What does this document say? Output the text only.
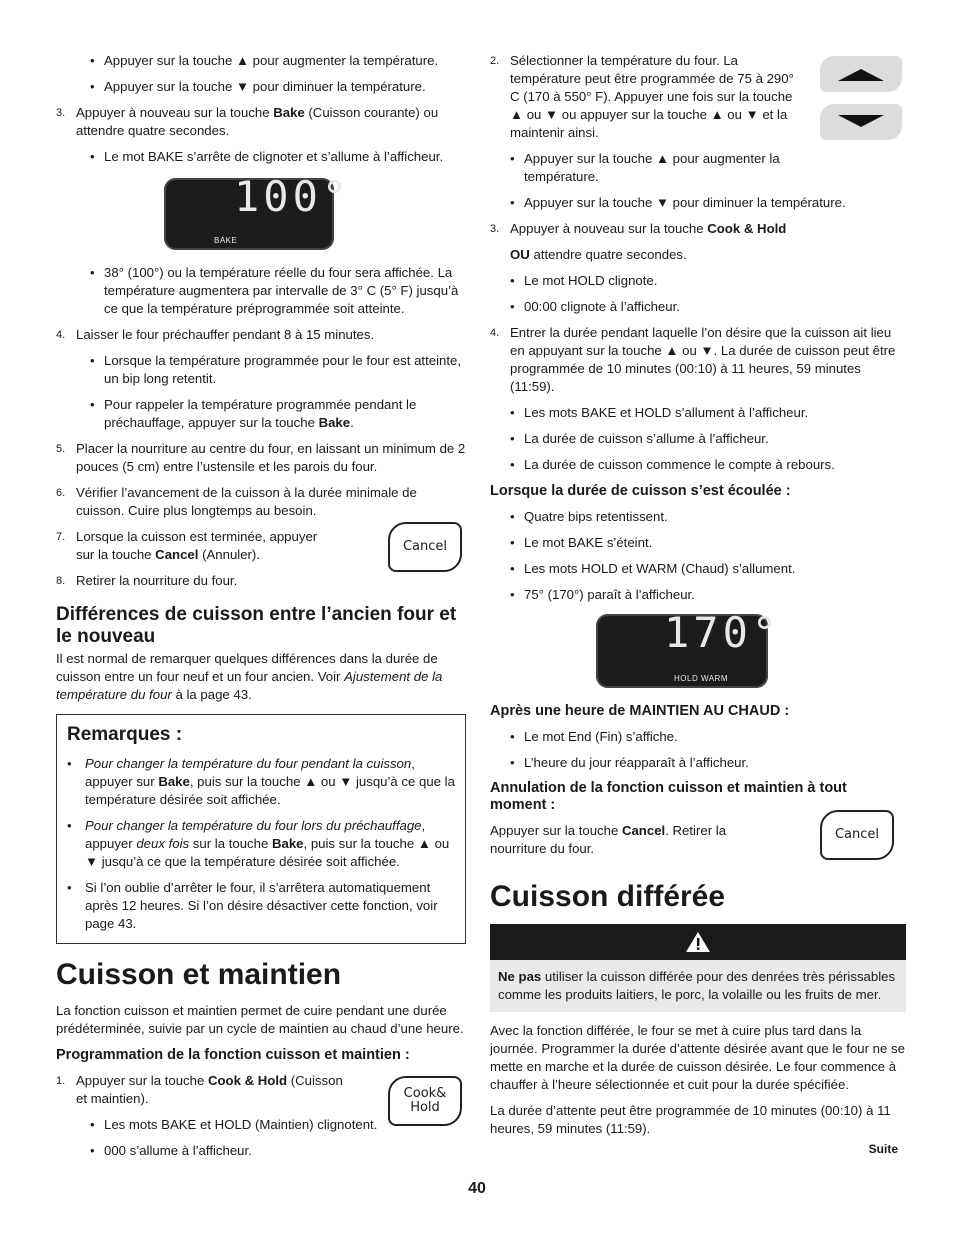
• Appuyer sur la touche ▲ pour augmenter la température.
• Appuyer sur la touche ▼ pour diminuer la température.
3. Appuyer à nouveau sur la touche Bake (Cuisson courante) ou attendre quatre secondes.
• Le mot BAKE s’arrête de clignoter et s’allume à l’afficheur.
100°
BAKE
• 38° (100°) ou la température réelle du four sera affichée. La température augmentera par intervalle de 3° C (5° F) jusqu’à ce que la température préprogrammée soit atteinte.
4. Laisser le four préchauffer pendant 8 à 15 minutes.
• Lorsque la température programmée pour le four est atteinte, un bip long retentit.
• Pour rappeler la température programmée pendant le préchauffage, appuyer sur la touche Bake.
5. Placer la nourriture au centre du four, en laissant un minimum de 2 pouces (5 cm) entre l’ustensile et les parois du four.
6. Vérifier l’avancement de la cuisson à la durée minimale de cuisson. Cuire plus longtemps au besoin.
7. Lorsque la cuisson est terminée, appuyer sur la touche Cancel (Annuler).
Cancel
8. Retirer la nourriture du four.
Différences de cuisson entre l’ancien four et le nouveau

Il est normal de remarquer quelques différences dans la durée de cuisson entre un four neuf et un four ancien. Voir Ajustement de la température du four à la page 43.

Remarques :
• Pour changer la température du four pendant la cuisson, appuyer sur Bake, puis sur la touche ▲ ou ▼ jusqu’à ce que la température désirée soit affichée.
• Pour changer la température du four lors du préchauffage, appuyer deux fois sur la touche Bake, puis sur la touche ▲ ou ▼ jusqu’à ce que la température désirée soit affichée.
• Si l’on oublie d’arrêter le four, il s’arrêtera automatiquement après 12 heures. Si l’on désire désactiver cette fonction, voir page 43.
Cuisson et maintien

La fonction cuisson et maintien permet de cuire pendant une durée prédéterminée, suivie par un cycle de maintien au chaud d’une heure.

Programmation de la fonction cuisson et maintien :
1. Appuyer sur la touche Cook & Hold (Cuisson et maintien).	Cook&
Hold
• Les mots BAKE et HOLD (Maintien) clignotent.
• 000 s’allume à l’afficheur.
2. Sélectionner la température du four. La température peut être programmée de 75 à 290° C (170 à 550° F). Appuyer une fois sur la touche ▲ ou ▼ ou appuyer sur la touche ▲ ou ▼ et la maintenir ainsi.
• Appuyer sur la touche ▲ pour augmenter la température.
• Appuyer sur la touche ▼ pour diminuer la température.
3. Appuyer à nouveau sur la touche Cook & Hold

OU attendre quatre secondes.

• Le mot HOLD clignote.
• 00:00 clignote à l’afficheur.
4. Entrer la durée pendant laquelle l’on désire que la cuisson ait lieu en appuyant sur la touche ▲ ou ▼. La durée de cuisson peut être programmée de 10 minutes (00:10) à 11 heures, 59 minutes (11:59).
• Les mots BAKE et HOLD s’allument à l’afficheur.
• La durée de cuisson s’allume à l’afficheur.
• La durée de cuisson commence le compte à rebours.
Lorsque la durée de cuisson s’est écoulée :
• Quatre bips retentissent.
• Le mot BAKE s’éteint.
• Les mots HOLD et WARM (Chaud) s’allument.
• 75° (170°) paraît à l’afficheur.
170°
HOLD WARM
Après une heure de MAINTIEN AU CHAUD :
• Le mot End (Fin) s’affiche.
• L’heure du jour réapparaît à l’afficheur.
Annulation de la fonction cuisson et maintien à tout moment :
Appuyer sur la touche Cancel. Retirer la nourriture du four.
Cancel
Cuisson différée
Ne pas utiliser la cuisson différée pour des denrées très périssables comme les produits laitiers, le porc, la volaille ou les fruits de mer.

Avec la fonction différée, le four se met à cuire plus tard dans la journée. Programmer la durée d’attente désirée avant que le four ne se mette en marche et la durée de cuisson désirée. Le four commence à chauffer à l’heure sélectionnée et cuit pour la durée spécifiée.

La durée d’attente peut être programmée de 10 minutes (00:10) à 11 heures, 59 minutes (11:59).

Suite
40
